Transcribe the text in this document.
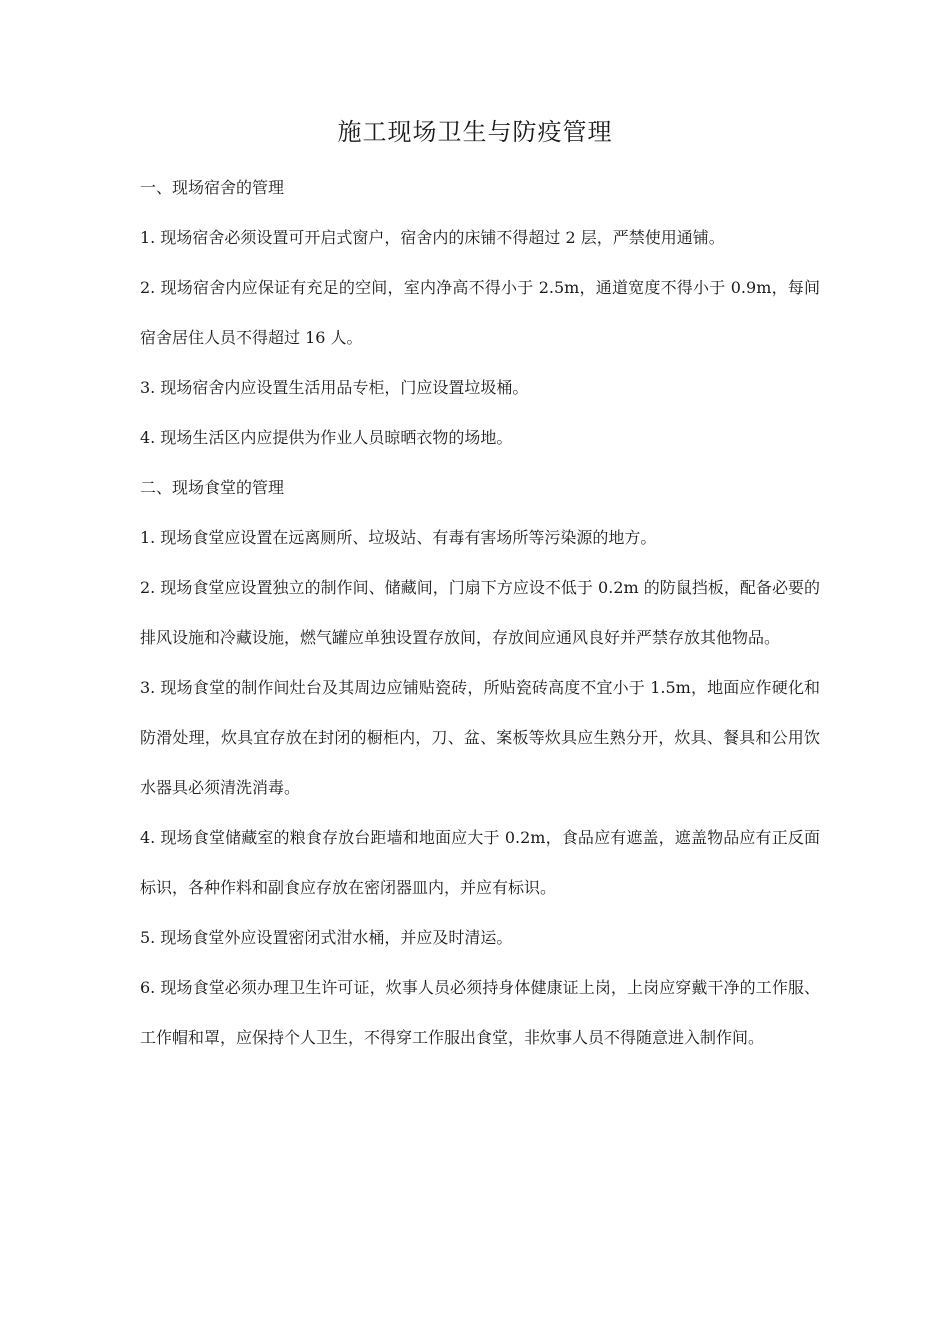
施工现场卫生与防疫管理

一、现场宿舍的管理

1. 现场宿舍必须设置可开启式窗户，宿舍内的床铺不得超过 2 层，严禁使用通铺。

2. 现场宿舍内应保证有充足的空间，室内净高不得小于 2.5m，通道宽度不得小于 0.9m，每间宿舍居住人员不得超过 16 人。

3. 现场宿舍内应设置生活用品专柜，门应设置垃圾桶。

4. 现场生活区内应提供为作业人员晾晒衣物的场地。

二、现场食堂的管理

1. 现场食堂应设置在远离厕所、垃圾站、有毒有害场所等污染源的地方。

2. 现场食堂应设置独立的制作间、储藏间，门扇下方应设不低于 0.2m 的防鼠挡板，配备必要的排风设施和冷藏设施，燃气罐应单独设置存放间，存放间应通风良好并严禁存放其他物品。

3. 现场食堂的制作间灶台及其周边应铺贴瓷砖，所贴瓷砖高度不宜小于 1.5m，地面应作硬化和防滑处理，炊具宜存放在封闭的橱柜内，刀、盆、案板等炊具应生熟分开，炊具、餐具和公用饮水器具必须清洗消毒。

4. 现场食堂储藏室的粮食存放台距墙和地面应大于 0.2m，食品应有遮盖，遮盖物品应有正反面标识，各种作料和副食应存放在密闭器皿内，并应有标识。

5. 现场食堂外应设置密闭式泔水桶，并应及时清运。

6. 现场食堂必须办理卫生许可证，炊事人员必须持身体健康证上岗，上岗应穿戴干净的工作服、工作帽和罩，应保持个人卫生，不得穿工作服出食堂，非炊事人员不得随意进入制作间。
